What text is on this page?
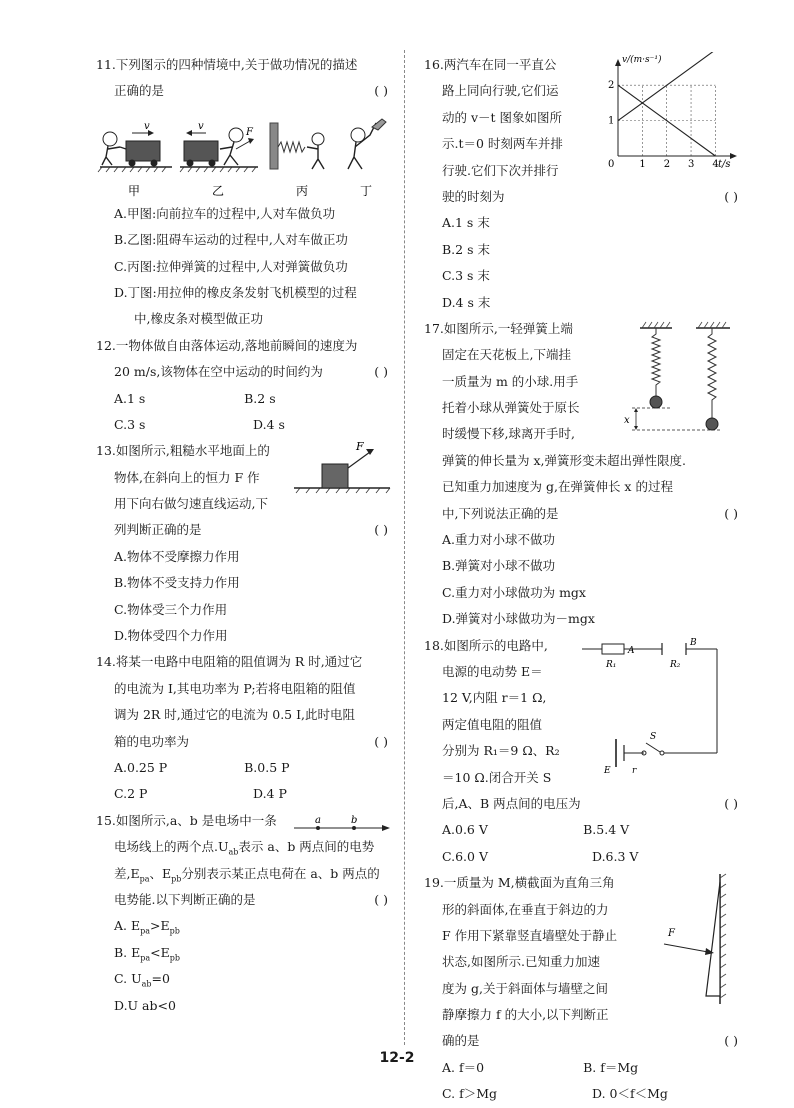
11.下列图示的四种情境中,关于做功情况的描述
正确的是	( )
v	v
F
甲	乙	丙	丁
A.甲图:向前拉车的过程中,人对车做负功
B.乙图:阻碍车运动的过程中,人对车做正功
C.丙图:拉伸弹簧的过程中,人对弹簧做负功
D.丁图:用拉伸的橡皮条发射飞机模型的过程
中,橡皮条对模型做正功
12.一物体做自由落体运动,落地前瞬间的速度为
20 m/s,该物体在空中运动的时间约为	( )
A.1 s	B.2 s
C.3 s	D.4 s
F
13.如图所示,粗糙水平地面上的
物体,在斜向上的恒力 F 作
用下向右做匀速直线运动,下
列判断正确的是	( )
A.物体不受摩擦力作用
B.物体不受支持力作用
C.物体受三个力作用
D.物体受四个力作用
14.将某一电路中电阻箱的阻值调为 R 时,通过它
的电流为 I,其电功率为 P;若将电阻箱的阻值
调为 2R 时,通过它的电流为 0.5 I,此时电阻
箱的电功率为	( )
A.0.25 P	B.0.5 P
C.2 P	D.4 P
a	b
15.如图所示,a、b 是电场中一条
电场线上的两个点$.U_{ab}$表示 a、b 两点间的电势
差$,E_{pa}$、$E_{pb}$分别表示某正点电荷在 a、b 两点的
电势能.以下判断正确的是	( )
A. $E_{pa}>E_{pb}$
B. $E_{pa}<E_{pb}$
C. $U_{ab}=0$
D.U ab<0
v/(m·s⁻¹)
t/s
1
2
0 1 2 3 4
16.两汽车在同一平直公
路上同向行驶,它们运
动的 v－t 图象如图所
示.t＝0 时刻两车并排
行驶.它们下次并排行
驶的时刻为	( )
A.1 s 末
B.2 s 末
C.3 s 末
D.4 s 末
x
17.如图所示,一轻弹簧上端
固定在天花板上,下端挂
一质量为 m 的小球.用手
托着小球从弹簧处于原长
时缓慢下移,球离开手时,
弹簧的伸长量为 x,弹簧形变未超出弹性限度.
已知重力加速度为 g,在弹簧伸长 x 的过程
中,下列说法正确的是	( )
A.重力对小球不做功
B.弹簧对小球不做功
C.重力对小球做功为 mgx
D.弹簧对小球做功为－mgx
A
B
R₁	R₂
S
E r
18.如图所示的电路中,
电源的电动势 E＝
12 V,内阻 r＝1 Ω,
两定值电阻的阻值
分别为 R₁＝9 Ω、R₂
＝10 Ω.闭合开关 S
后,A、B 两点间的电压为	( )
A.0.6 V	B.5.4 V
C.6.0 V	D.6.3 V
F
19.一质量为 M,横截面为直角三角
形的斜面体,在垂直于斜边的力
F 作用下紧靠竖直墙壁处于静止
状态,如图所示.已知重力加速
度为 g,关于斜面体与墙壁之间
静摩擦力 f 的大小,以下判断正
确的是	( )
A. f＝0	B. f＝Mg
C. f＞Mg	D. 0＜f＜Mg
12-2
